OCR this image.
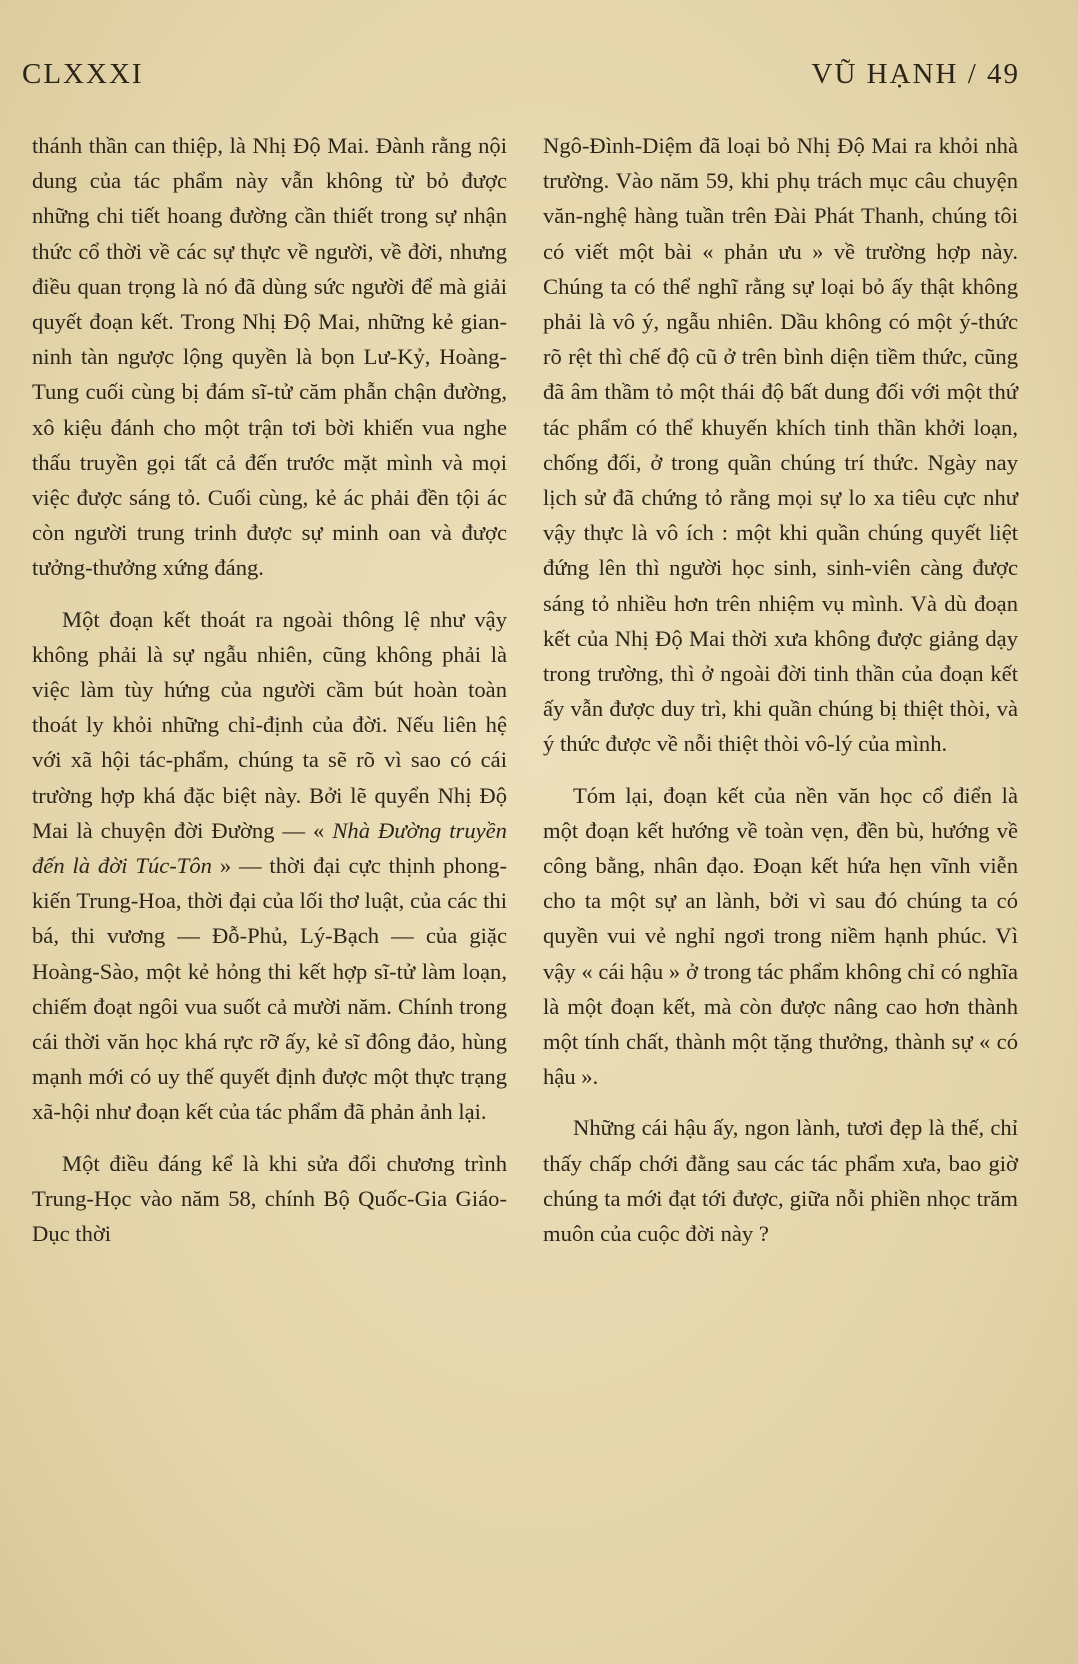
CLXXXI	VŨ HẠNH / 49

thánh thần can thiệp, là Nhị Độ Mai. Đành rằng nội dung của tác phẩm này vẫn không từ bỏ được những chi tiết hoang đường cần thiết trong sự nhận thức cổ thời về các sự thực về người, về đời, nhưng điều quan trọng là nó đã dùng sức người để mà giải quyết đoạn kết. Trong Nhị Độ Mai, những kẻ gian-ninh tàn ngược lộng quyền là bọn Lư-Kỷ, Hoàng-Tung cuối cùng bị đám sĩ-tử căm phẫn chận đường, xô kiệu đánh cho một trận tơi bời khiến vua nghe thấu truyền gọi tất cả đến trước mặt mình và mọi việc được sáng tỏ. Cuối cùng, kẻ ác phải đền tội ác còn người trung trinh được sự minh oan và được tưởng-thưởng xứng đáng.

Một đoạn kết thoát ra ngoài thông lệ như vậy không phải là sự ngẫu nhiên, cũng không phải là việc làm tùy hứng của người cầm bút hoàn toàn thoát ly khỏi những chỉ-định của đời. Nếu liên hệ với xã hội tác-phẩm, chúng ta sẽ rõ vì sao có cái trường hợp khá đặc biệt này. Bởi lẽ quyển Nhị Độ Mai là chuyện đời Đường — « Nhà Đường truyền đến là đời Túc-Tôn » — thời đại cực thịnh phong-kiến Trung-Hoa, thời đại của lối thơ luật, của các thi bá, thi vương — Đỗ-Phủ, Lý-Bạch — của giặc Hoàng-Sào, một kẻ hỏng thi kết hợp sĩ-tử làm loạn, chiếm đoạt ngôi vua suốt cả mười năm. Chính trong cái thời văn học khá rực rỡ ấy, kẻ sĩ đông đảo, hùng mạnh mới có uy thế quyết định được một thực trạng xã-hội như đoạn kết của tác phẩm đã phản ảnh lại.

Một điều đáng kể là khi sửa đổi chương trình Trung-Học vào năm 58, chính Bộ Quốc-Gia Giáo-Dục thời

Ngô-Đình-Diệm đã loại bỏ Nhị Độ Mai ra khỏi nhà trường. Vào năm 59, khi phụ trách mục câu chuyện văn-nghệ hàng tuần trên Đài Phát Thanh, chúng tôi có viết một bài « phản ưu » về trường hợp này. Chúng ta có thể nghĩ rằng sự loại bỏ ấy thật không phải là vô ý, ngẫu nhiên. Dầu không có một ý-thức rõ rệt thì chế độ cũ ở trên bình diện tiềm thức, cũng đã âm thầm tỏ một thái độ bất dung đối với một thứ tác phẩm có thể khuyến khích tinh thần khởi loạn, chống đối, ở trong quần chúng trí thức. Ngày nay lịch sử đã chứng tỏ rằng mọi sự lo xa tiêu cực như vậy thực là vô ích : một khi quần chúng quyết liệt đứng lên thì người học sinh, sinh-viên càng được sáng tỏ nhiều hơn trên nhiệm vụ mình. Và dù đoạn kết của Nhị Độ Mai thời xưa không được giảng dạy trong trường, thì ở ngoài đời tinh thần của đoạn kết ấy vẫn được duy trì, khi quần chúng bị thiệt thòi, và ý thức được về nỗi thiệt thòi vô-lý của mình.

Tóm lại, đoạn kết của nền văn học cổ điển là một đoạn kết hướng về toàn vẹn, đền bù, hướng về công bằng, nhân đạo. Đoạn kết hứa hẹn vĩnh viễn cho ta một sự an lành, bởi vì sau đó chúng ta có quyền vui vẻ nghỉ ngơi trong niềm hạnh phúc. Vì vậy « cái hậu » ở trong tác phẩm không chỉ có nghĩa là một đoạn kết, mà còn được nâng cao hơn thành một tính chất, thành một tặng thưởng, thành sự « có hậu ».

Những cái hậu ấy, ngon lành, tươi đẹp là thế, chỉ thấy chấp chới đằng sau các tác phẩm xưa, bao giờ chúng ta mới đạt tới được, giữa nỗi phiền nhọc trăm muôn của cuộc đời này ?
